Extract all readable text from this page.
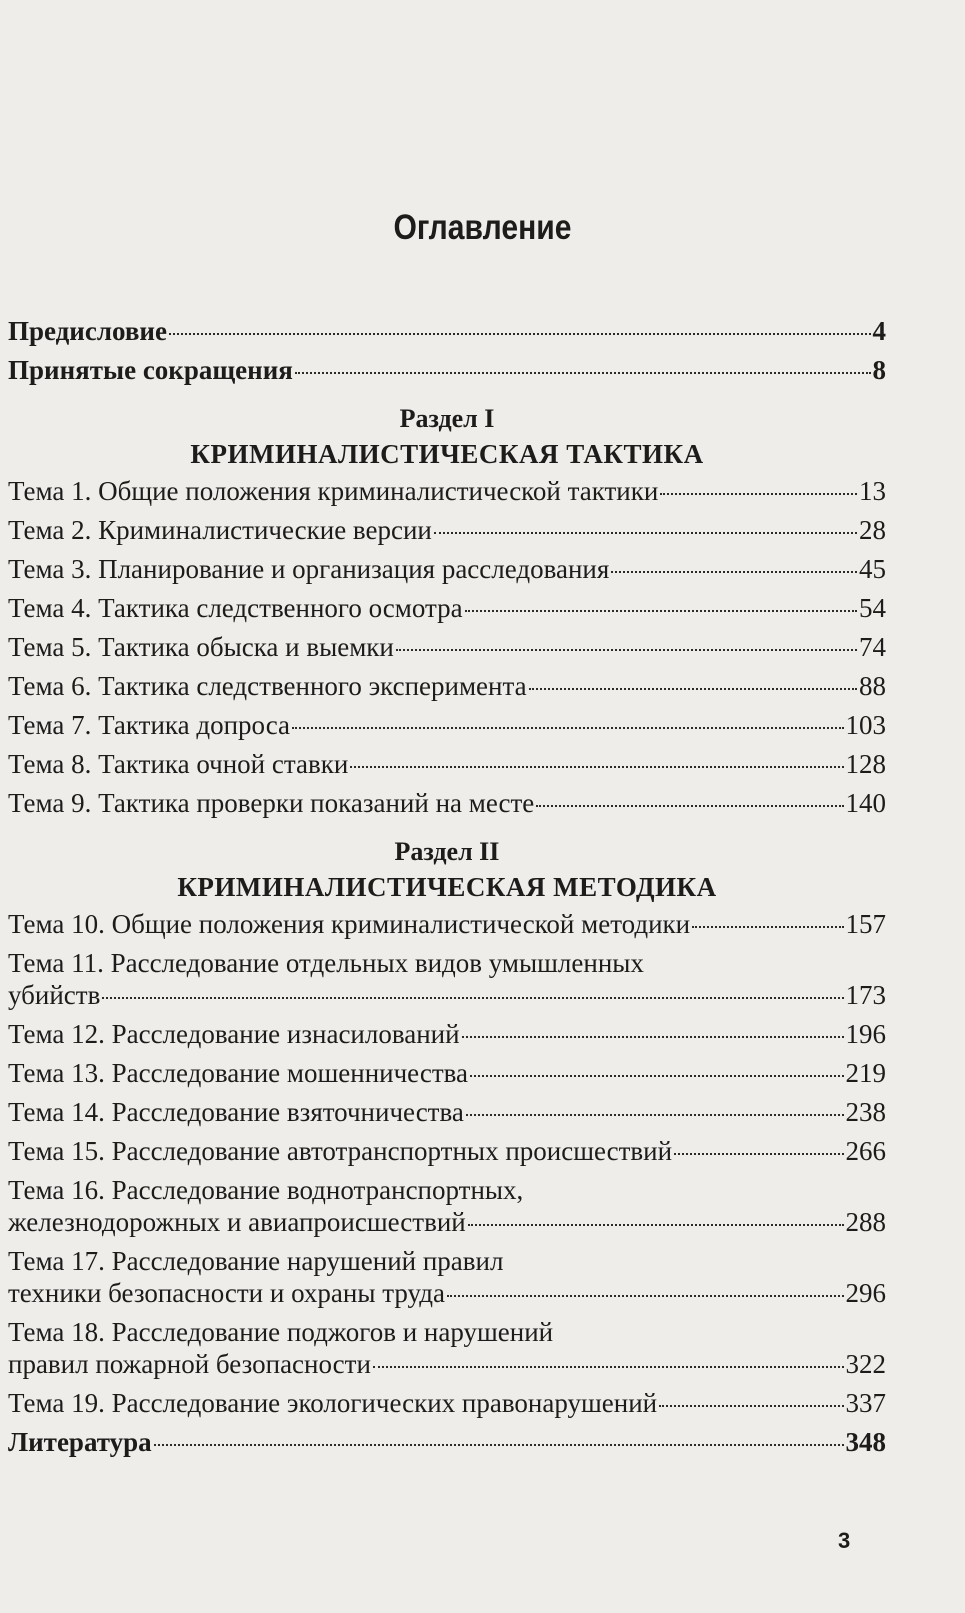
Оглавление
Предисловие	4
Принятые сокращения	8
Раздел I
КРИМИНАЛИСТИЧЕСКАЯ ТАКТИКА
Тема 1. Общие положения криминалистической тактики	13
Тема 2. Криминалистические версии	28
Тема 3. Планирование и организация расследования	45
Тема 4. Тактика следственного осмотра	54
Тема 5. Тактика обыска и выемки	74
Тема 6. Тактика следственного эксперимента	88
Тема 7. Тактика допроса	103
Тема 8. Тактика очной ставки	128
Тема 9. Тактика проверки показаний на месте	140
Раздел II
КРИМИНАЛИСТИЧЕСКАЯ МЕТОДИКА
Тема 10. Общие положения криминалистической методики	157
Тема 11. Расследование отдельных видов умышленных
убийств	173
Тема 12. Расследование изнасилований	196
Тема 13. Расследование мошенничества	219
Тема 14. Расследование взяточничества	238
Тема 15. Расследование автотранспортных происшествий	266
Тема 16. Расследование воднотранспортных,
железнодорожных и авиапроисшествий	288
Тема 17. Расследование нарушений правил
техники безопасности и охраны труда	296
Тема 18. Расследование поджогов и нарушений
правил пожарной безопасности	322
Тема 19. Расследование экологических правонарушений	337
Литература	348
3
